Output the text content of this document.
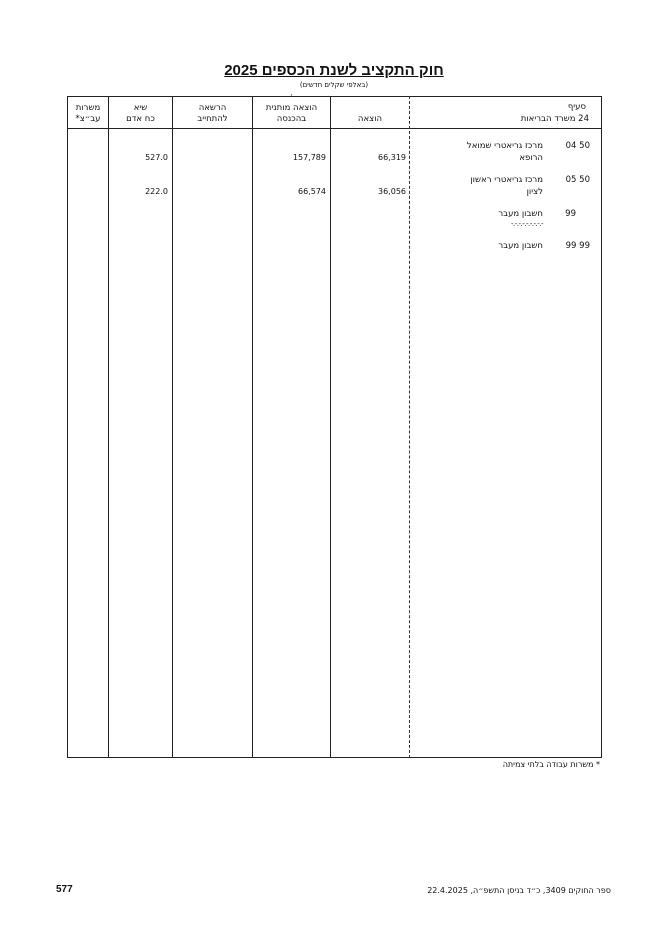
חוק התקציב לשנת הכספים 2025
(באלפי שקלים חדשים)
משרות
עב״צ*
שיא
כח אדם
הרשאה
להתחייב
·
הוצאה מותנית
בהכנסה	הוצאה
סעיף
24 משרד הבריאות
50 04
מרכז גריאטרי שמואל
הרופא
66,319
157,789
527.0
50 05
מרכז גריאטרי ראשון
לציון
36,056
66,574
222.0
99
חשבון מעבר
-.-.-.-.-.-.-.-.-
99 99
חשבון מעבר
* משרות עבודה בלתי צמיתה
ספר החוקים 3409, כ״ד בניסן התשפ״ה, 22.4.2025
577
